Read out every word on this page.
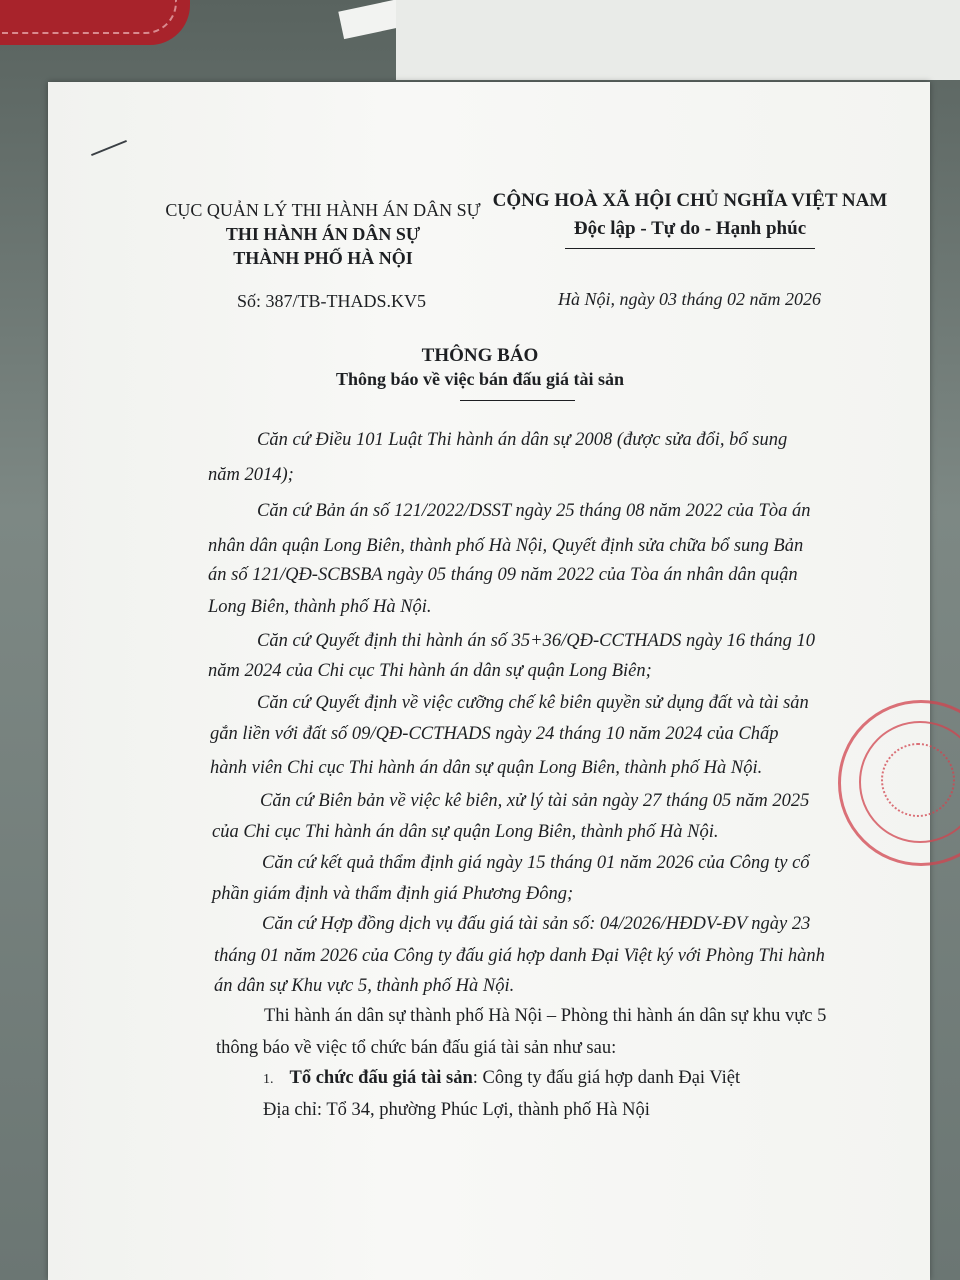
CỤC QUẢN LÝ THI HÀNH ÁN DÂN SỰ
THI HÀNH ÁN DÂN SỰ
THÀNH PHỐ HÀ NỘI
CỘNG HOÀ XÃ HỘI CHỦ NGHĨA VIỆT NAM
Độc lập - Tự do - Hạnh phúc
Số: 387/TB-THADS.KV5	Hà Nội, ngày 03 tháng 02 năm 2026
THÔNG BÁO
Thông báo về việc bán đấu giá tài sản
Căn cứ Điều 101 Luật Thi hành án dân sự 2008 (được sửa đổi, bổ sung
năm 2014);
Căn cứ Bản án số 121/2022/DSST ngày 25 tháng 08 năm 2022 của Tòa án
nhân dân quận Long Biên, thành phố Hà Nội, Quyết định sửa chữa bổ sung Bản
án số 121/QĐ-SCBSBA ngày 05 tháng 09 năm 2022 của Tòa án nhân dân quận
Long Biên, thành phố Hà Nội.
Căn cứ Quyết định thi hành án số 35+36/QĐ-CCTHADS ngày 16 tháng 10
năm 2024 của Chi cục Thi hành án dân sự quận Long Biên;
Căn cứ Quyết định về việc cưỡng chế kê biên quyền sử dụng đất và tài sản
gắn liền với đất số 09/QĐ-CCTHADS ngày 24 tháng 10 năm 2024 của Chấp
hành viên Chi cục Thi hành án dân sự quận Long Biên, thành phố Hà Nội.
Căn cứ Biên bản về việc kê biên, xử lý tài sản ngày 27 tháng 05 năm 2025
của Chi cục Thi hành án dân sự quận Long Biên, thành phố Hà Nội.
Căn cứ kết quả thẩm định giá ngày 15 tháng 01 năm 2026 của Công ty cổ
phần giám định và thẩm định giá Phương Đông;
Căn cứ Hợp đồng dịch vụ đấu giá tài sản số: 04/2026/HĐDV-ĐV ngày 23
tháng 01 năm 2026 của Công ty đấu giá hợp danh Đại Việt ký với Phòng Thi hành
án dân sự Khu vực 5, thành phố Hà Nội.
Thi hành án dân sự thành phố Hà Nội – Phòng thi hành án dân sự khu vực 5
thông báo về việc tổ chức bán đấu giá tài sản như sau:
1. Tổ chức đấu giá tài sản: Công ty đấu giá hợp danh Đại Việt
Địa chỉ: Tổ 34, phường Phúc Lợi, thành phố Hà Nội
